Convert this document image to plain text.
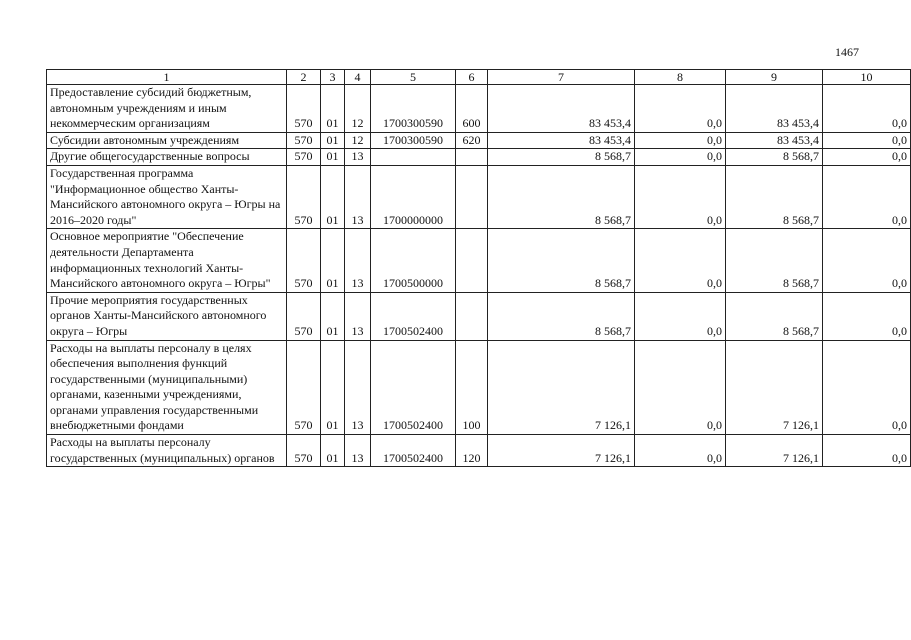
1467
1	2	3	4	5	6	7	8	9	10
Предоставление субсидий бюджетным, автономным учреждениям и иным некоммерческим организациям	570	01	12	1700300590	600	83 453,4	0,0	83 453,4	0,0
Субсидии автономным учреждениям	570	01	12	1700300590	620	83 453,4	0,0	83 453,4	0,0
Другие общегосударственные вопросы	570	01	13			8 568,7	0,0	8 568,7	0,0
Государственная программа "Информационное общество Ханты-Мансийского автономного округа – Югры на 2016–2020 годы"	570	01	13	1700000000		8 568,7	0,0	8 568,7	0,0
Основное мероприятие "Обеспечение деятельности Департамента информационных технологий Ханты-Мансийского автономного округа – Югры"	570	01	13	1700500000		8 568,7	0,0	8 568,7	0,0
Прочие мероприятия государственных органов Ханты-Мансийского автономного округа – Югры	570	01	13	1700502400		8 568,7	0,0	8 568,7	0,0
Расходы на выплаты персоналу в целях обеспечения выполнения функций государственными (муниципальными) органами, казенными учреждениями, органами управления государственными внебюджетными фондами	570	01	13	1700502400	100	7 126,1	0,0	7 126,1	0,0
Расходы на выплаты персоналу государственных (муниципальных) органов	570	01	13	1700502400	120	7 126,1	0,0	7 126,1	0,0
